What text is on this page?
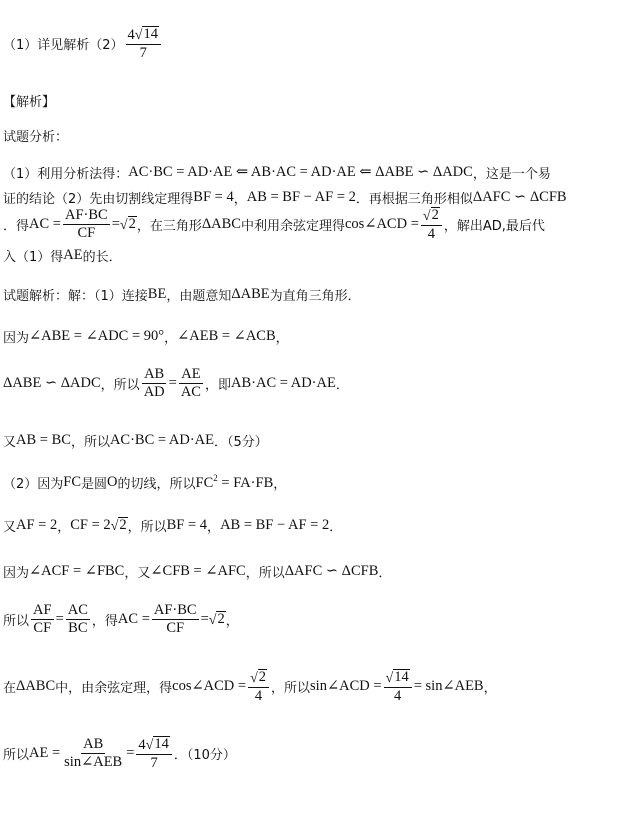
（1）详见解析$(2) \frac{4 √ 14}{7}$
【解析】
试题分析：
（1）利用分析法得： AC·BC = AD·AE ⇐ AB·AC = AD·AE ⇐ ΔABE ∽ ΔADC ，这是一个易
证的结论（2）先由切割线定理得 BF = 4 ， AB = BF − AF = 2 ．再根据三角形相似 ΔAFC ∽ ΔCFB
．得 AC = $\frac{AF\cdot BC}{CF}$ = √ 2 ，在三角形 ΔABC 中利用余弦定理得 cos∠ACD = $\frac{√ 2}{4}$ ，解出AD,最后代
入（1）得 AE 的长．
试题解析：解：（1）连接 BE ，由题意知 ΔABE 为直角三角形．
因为 ∠ABE = ∠ADC = 90° ， ∠AEB = ∠ACB ，
ΔABE ∽ ΔADC ，所以 $\frac{AB}{AD} = \frac{AE}{AC}$ ，即 AB·AC = AD·AE ．
又 AB = BC ，所以 AC·BC = AD·AE ．（5分）
（2）因为 FC 是圆 O 的切线，所以 $FC^2 = FA\cdot FB$ ，
又 AF = 2 ， CF = 2 √ 2 ，所以 BF = 4 ， AB = BF − AF = 2 ．
因为 ∠ACF = ∠FBC ，又 ∠CFB = ∠AFC ，所以 ΔAFC ∽ ΔCFB ．
所以 $\frac{AF}{CF} = \frac{AC}{BC}$ ，得 AC = $\frac{AF\cdot BC}{CF}$ = √ 2 ，
在 ΔABC 中，由余弦定理，得 cos∠ACD = $\frac{√ 2}{4}$ ，所以 sin∠ACD = $\frac{√ 14}{4}$ = sin∠AEB ，
所以 AE = $\frac{AB}{\text{sin∠AEB}} = \frac{4 √ 14}{7}$ ．（10分）
